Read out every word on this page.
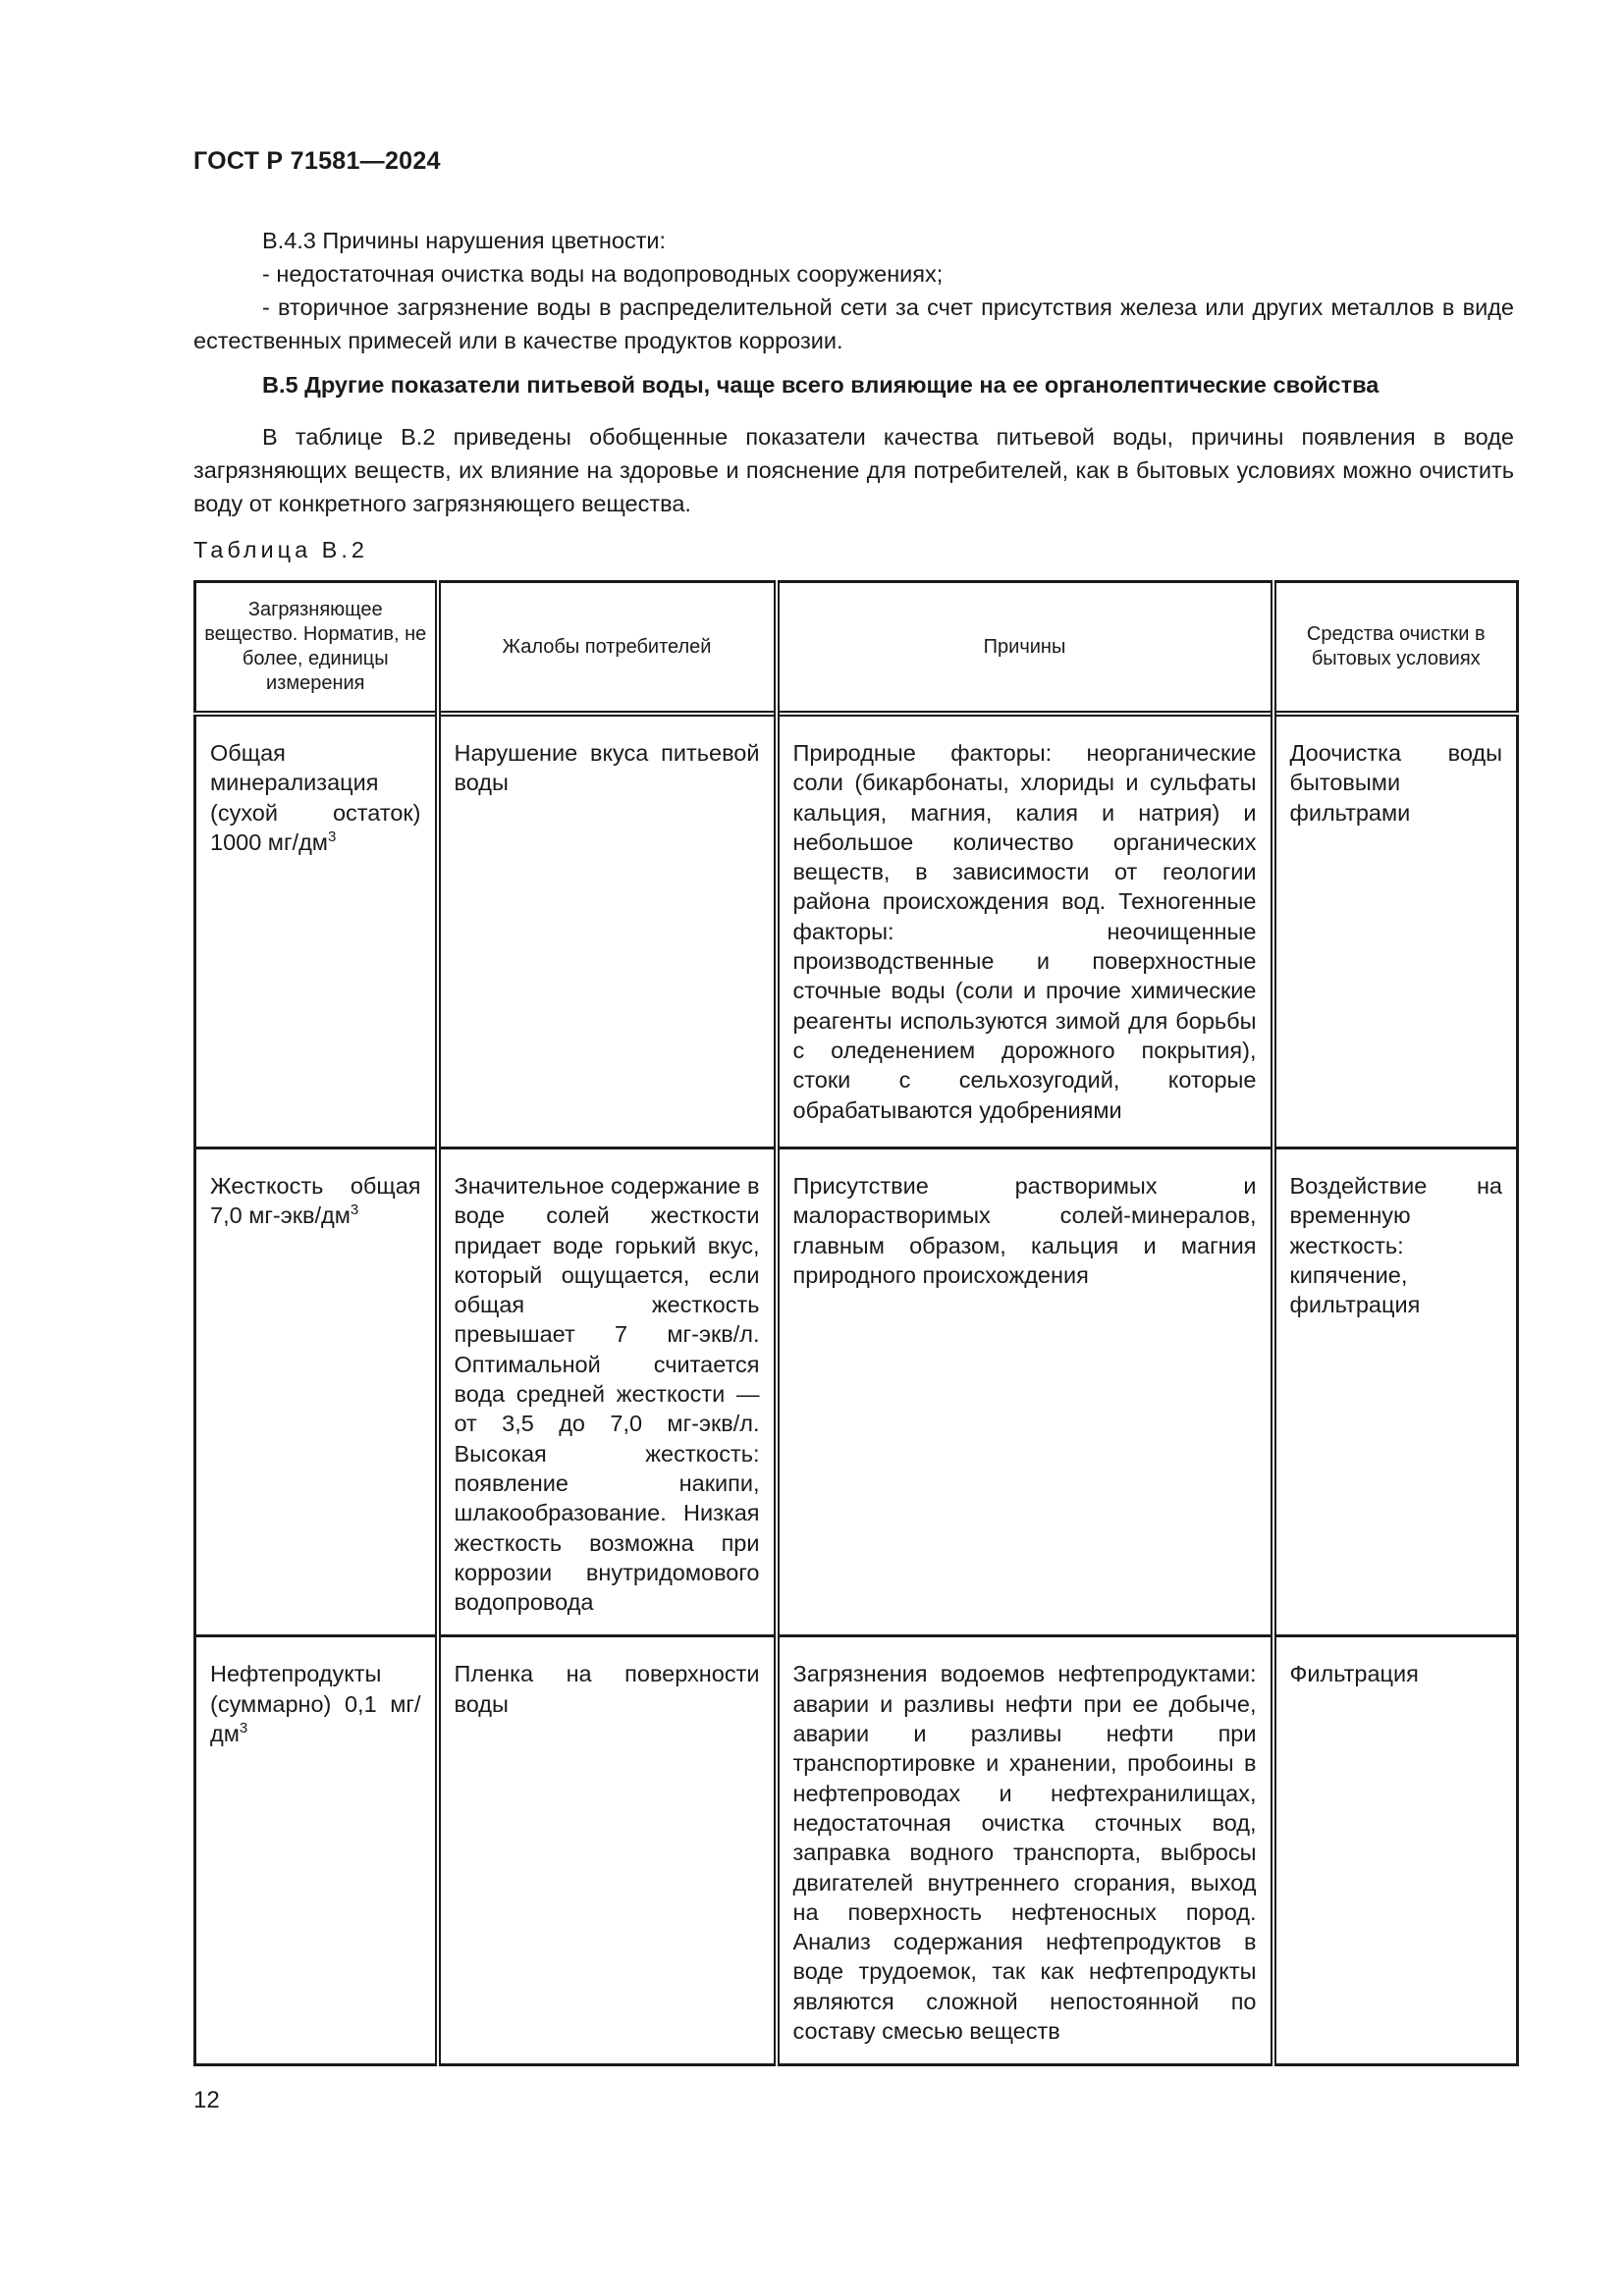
ГОСТ Р 71581—2024
В.4.3 Причины нарушения цветности:
- недостаточная очистка воды на водопроводных сооружениях;
- вторичное загрязнение воды в распределительной сети за счет присутствия железа или других металлов в виде естественных примесей или в качестве продуктов коррозии.
В.5 Другие показатели питьевой воды, чаще всего влияющие на ее органолептические свойства
В таблице В.2 приведены обобщенные показатели качества питьевой воды, причины появления в воде загрязняющих веществ, их влияние на здоровье и пояснение для потребителей, как в бытовых условиях можно очистить воду от конкретного загрязняющего вещества.
Таблица В.2
Загрязняющее вещество. Норматив, не более, единицы измерения	Жалобы потребителей	Причины	Средства очистки в бытовых условиях
Общая минерализация (сухой остаток) 1000 $мг/дм^3$	Нарушение вкуса питьевой воды	Природные факторы: неорганические соли (бикарбонаты, хлориды и сульфаты кальция, магния, калия и натрия) и небольшое количество органических веществ, в зависимости от геологии района происхождения вод. Техногенные факторы: неочищенные производственные и поверхностные сточные воды (соли и прочие химические реагенты используются зимой для борьбы с оледенением дорожного покрытия), стоки с сельхозугодий, которые обрабатываются удобрениями	Доочистка воды бытовыми фильтрами
Жесткость общая 7,0 $мг-экв/дм^3$	Значительное содержание в воде солей жесткости придает воде горький вкус, который ощущается, если общая жесткость превышает 7 мг-экв/л. Оптимальной считается вода средней жесткости — от 3,5 до 7,0 мг-экв/л. Высокая жесткость: появление накипи, шлакообразование. Низкая жесткость возможна при коррозии внутридомового водопровода	Присутствие растворимых и малорастворимых солей-минералов, главным образом, кальция и магния природного происхождения	Воздействие на временную жесткость: кипячение, фильтрация
Нефтепродукты (суммарно) 0,1 $мг/дм^3$	Пленка на поверхности воды	Загрязнения водоемов нефтепродуктами: аварии и разливы нефти при ее добыче, аварии и разливы нефти при транспортировке и хранении, пробоины в нефтепроводах и нефтехранилищах, недостаточная очистка сточных вод, заправка водного транспорта, выбросы двигателей внутреннего сгорания, выход на поверхность нефтеносных пород. Анализ содержания нефтепродуктов в воде трудоемок, так как нефтепродукты являются сложной непостоянной по составу смесью веществ	Фильтрация
12
